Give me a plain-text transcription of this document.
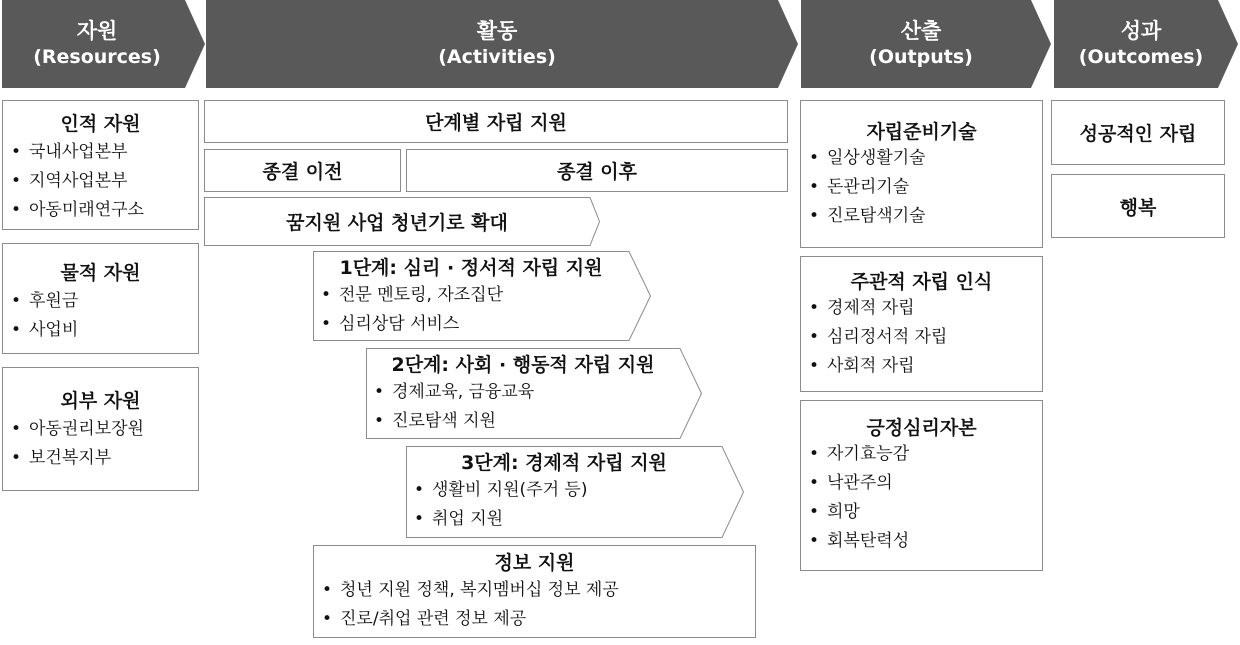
자원
(Resources)
활동
(Activities)
산출
(Outputs)
성과
(Outcomes)
인적 자원
• 국내사업본부
• 지역사업본부
• 아동미래연구소
물적 자원
• 후원금
• 사업비
외부 자원
• 아동권리보장원
• 보건복지부
단계별 자립 지원
종결 이전	종결 이후
꿈지원 사업 청년기로 확대
1단계: 심리 · 정서적 자립 지원
• 전문 멘토링, 자조집단
• 심리상담 서비스
2단계: 사회 · 행동적 자립 지원
• 경제교육, 금융교육
• 진로탐색 지원
3단계: 경제적 자립 지원
• 생활비 지원(주거 등)
• 취업 지원
정보 지원
• 청년 지원 정책, 복지멤버십 정보 제공
• 진로/취업 관련 정보 제공
자립준비기술
• 일상생활기술
• 돈관리기술
• 진로탐색기술
주관적 자립 인식
• 경제적 자립
• 심리정서적 자립
• 사회적 자립
긍정심리자본
• 자기효능감
• 낙관주의
• 희망
• 회복탄력성
성공적인 자립
행복
